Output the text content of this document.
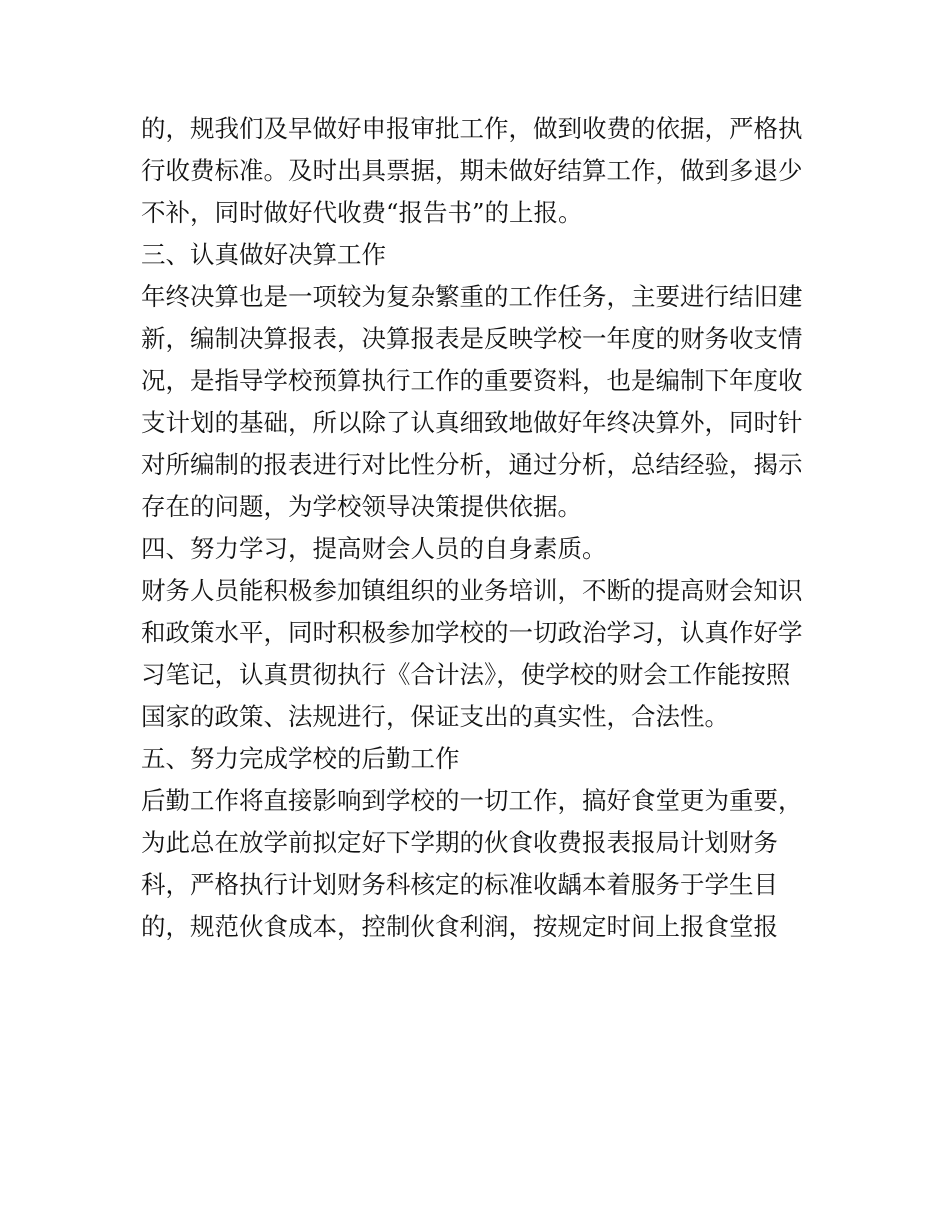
的，规我们及早做好申报审批工作，做到收费的依据，严格执
行收费标准。及时出具票据，期未做好结算工作，做到多退少
不补，同时做好代收费“报告书”的上报。
三、认真做好决算工作
年终决算也是一项较为复杂繁重的工作任务，主要进行结旧建
新，编制决算报表，决算报表是反映学校一年度的财务收支情
况，是指导学校预算执行工作的重要资料，也是编制下年度收
支计划的基础，所以除了认真细致地做好年终决算外，同时针
对所编制的报表进行对比性分析，通过分析，总结经验，揭示
存在的问题，为学校领导决策提供依据。
四、努力学习，提高财会人员的自身素质。
财务人员能积极参加镇组织的业务培训，不断的提高财会知识
和政策水平，同时积极参加学校的一切政治学习，认真作好学
习笔记，认真贯彻执行《合计法》，使学校的财会工作能按照
国家的政策、法规进行，保证支出的真实性，合法性。
五、努力完成学校的后勤工作
后勤工作将直接影响到学校的一切工作，搞好食堂更为重要，
为此总在放学前拟定好下学期的伙食收费报表报局计划财务
科，严格执行计划财务科核定的标准收龋本着服务于学生目
的，规范伙食成本，控制伙食利润，按规定时间上报食堂报
